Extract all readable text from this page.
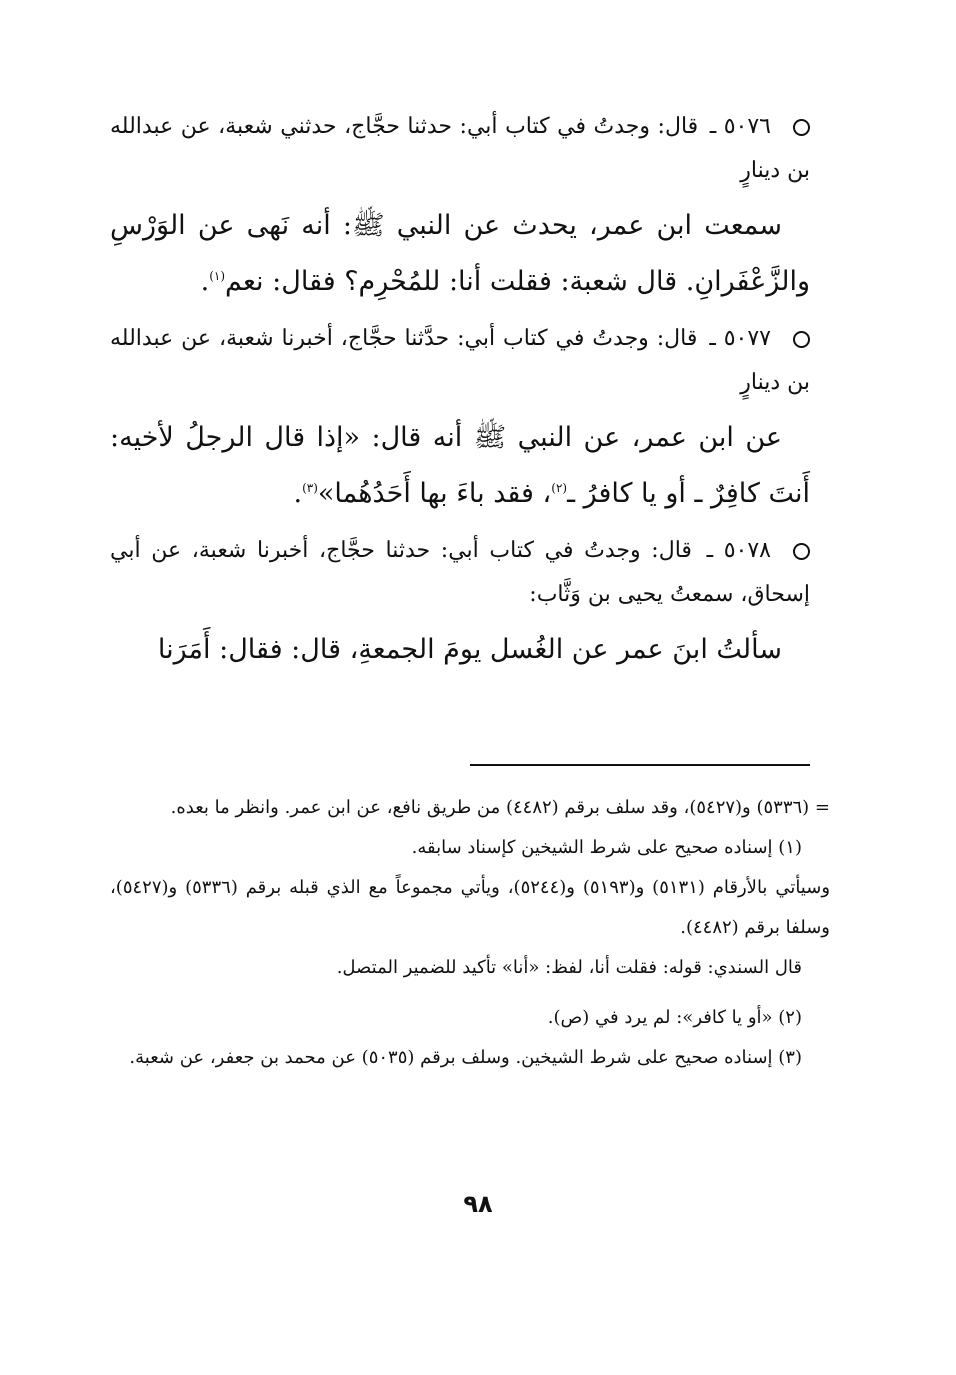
٥٠٧٦ ـ قال: وجدتُ في كتاب أبي: حدثنا حجَّاج، حدثني شعبة، عن عبدالله بن دينارٍ

سمعت ابن عمر، يحدث عن النبي ﷺ: أنه نَهى عن الوَرْسِ والزَّعْفَرانِ. قال شعبة: فقلت أنا: للمُحْرِم؟ فقال: نعم$^{(١)}$.

٥٠٧٧ ـ قال: وجدتُ في كتاب أبي: حدَّثنا حجَّاج، أخبرنا شعبة، عن عبدالله بن دينارٍ

عن ابن عمر، عن النبي ﷺ أنه قال: «إذا قال الرجلُ لأخيه: أَنتَ كافِرٌ ـ أو يا كافرُ ـ$^{(٢)}$، فقد باءَ بها أَحَدُهُما»$^{(٣)}$.

٥٠٧٨ ـ قال: وجدتُ في كتاب أبي: حدثنا حجَّاج، أخبرنا شعبة، عن أبي إسحاق، سمعتُ يحيى بن وَثَّاب:

سألتُ ابنَ عمر عن الغُسل يومَ الجمعةِ، قال: فقال: أَمَرَنا

= (٥٣٣٦) و(٥٤٢٧)، وقد سلف برقم (٤٤٨٢) من طريق نافع، عن ابن عمر. وانظر ما بعده.

(١) إسناده صحيح على شرط الشيخين كإسناد سابقه.

وسيأتي بالأرقام (٥١٣١) و(٥١٩٣) و(٥٢٤٤)، ويأتي مجموعاً مع الذي قبله برقم (٥٣٣٦) و(٥٤٢٧)، وسلفا برقم (٤٤٨٢).

قال السندي: قوله: فقلت أنا، لفظ: «أنا» تأكيد للضمير المتصل.

(٢) «أو يا كافر»: لم يرد في (ص).

(٣) إسناده صحيح على شرط الشيخين. وسلف برقم (٥٠٣٥) عن محمد بن جعفر، عن شعبة.

٩٨
